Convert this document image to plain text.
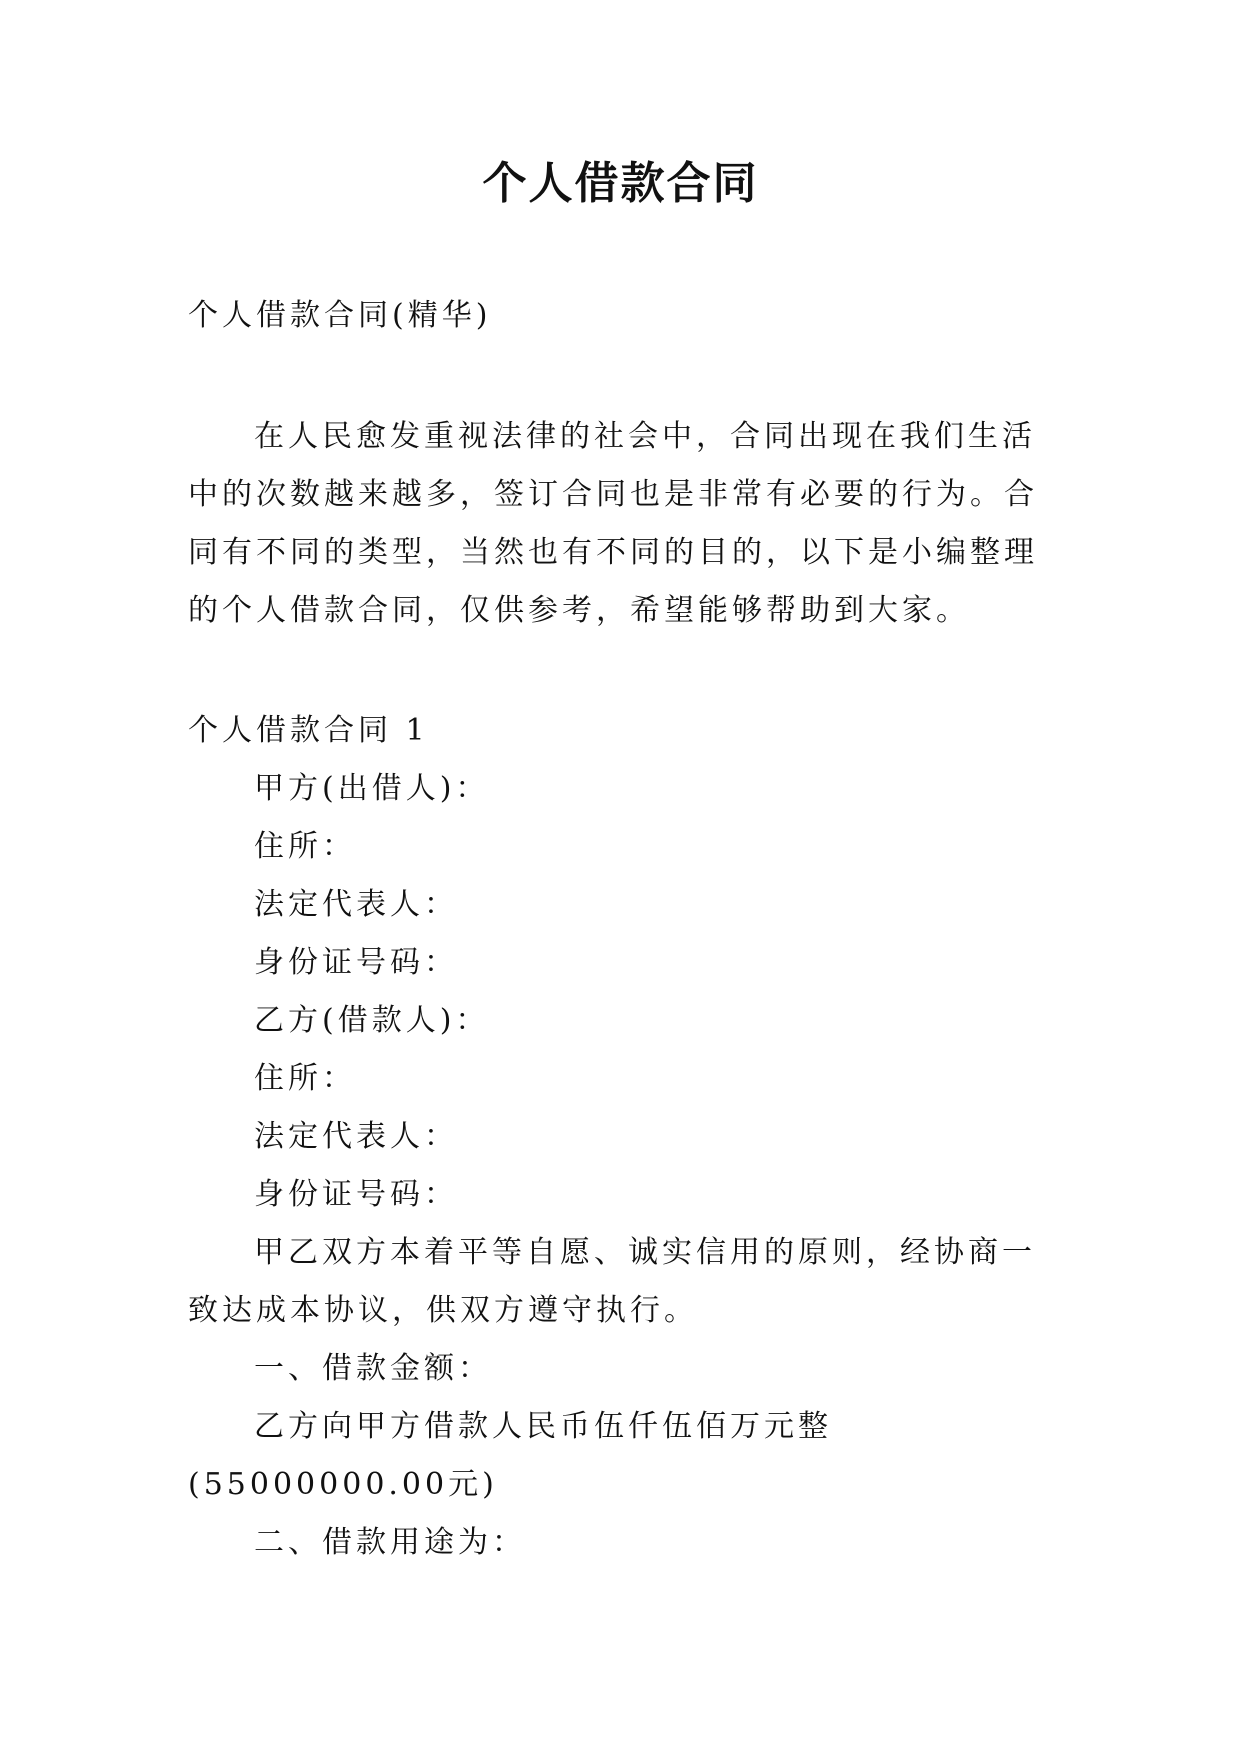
个人借款合同

个人借款合同(精华)

在人民愈发重视法律的社会中，合同出现在我们生活中的次数越来越多，签订合同也是非常有必要的行为。合同有不同的类型，当然也有不同的目的，以下是小编整理的个人借款合同，仅供参考，希望能够帮助到大家。

个人借款合同 1
甲方(出借人)：
住所：
法定代表人：
身份证号码：
乙方(借款人)：
住所：
法定代表人：
身份证号码：
甲乙双方本着平等自愿、诚实信用的原则，经协商一致达成本协议，供双方遵守执行。
一、借款金额：
乙方向甲方借款人民币伍仟伍佰万元整(55000000.00元)
二、借款用途为：
